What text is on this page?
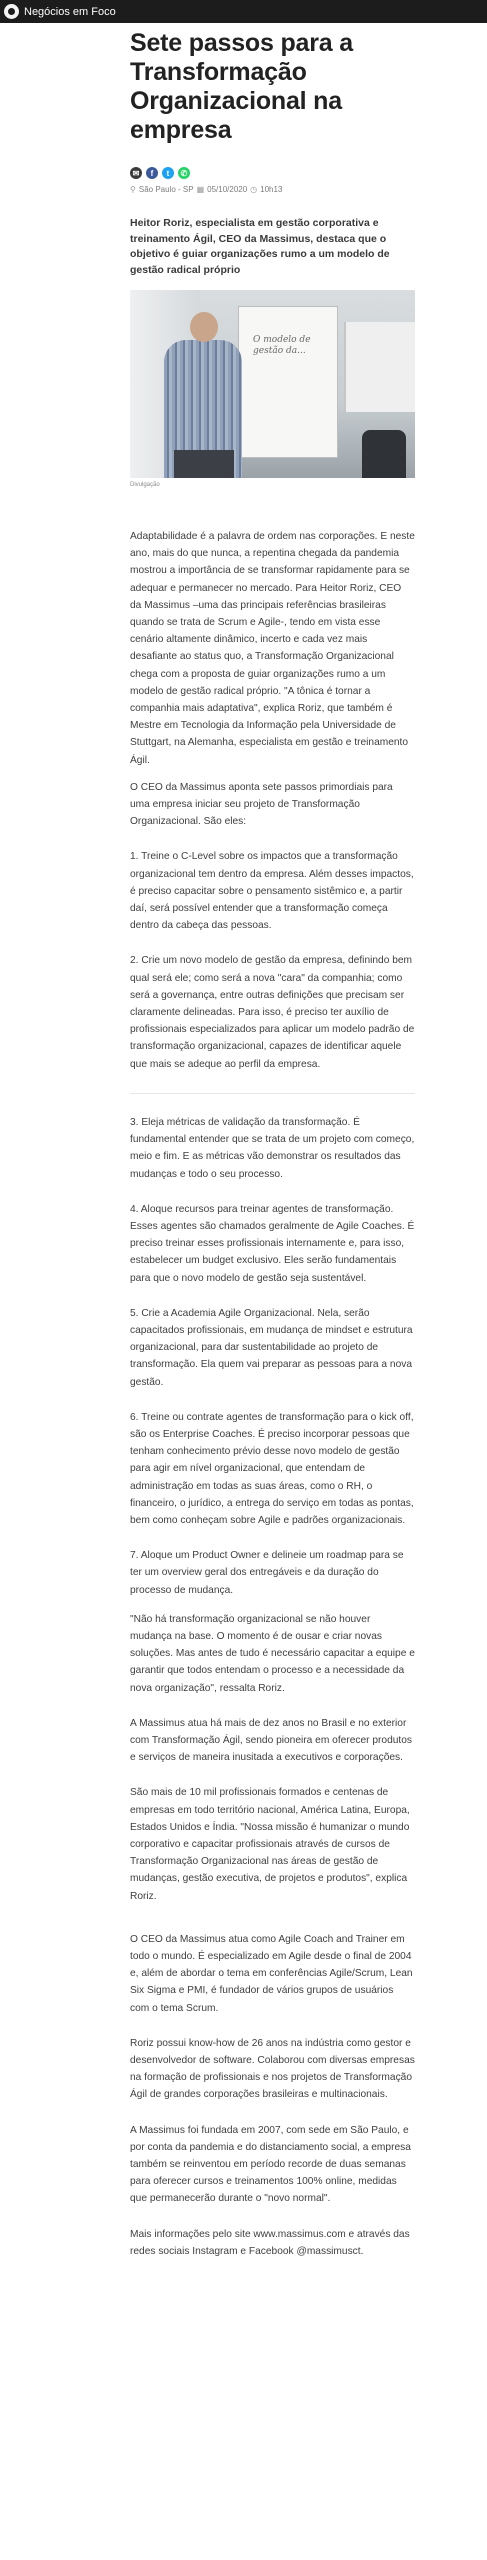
Negócios em Foco
Sete passos para a Transformação Organizacional na empresa
✉	f	t	✆
⚲ São Paulo - SP ▦ 05/10/2020 ◷ 10h13
Heitor Roriz, especialista em gestão corporativa e treinamento Ágil, CEO da Massimus, destaca que o objetivo é guiar organizações rumo a um modelo de gestão radical próprio
O modelo de gestão da...
Divulgação

Adaptabilidade é a palavra de ordem nas corporações. E neste ano, mais do que nunca, a repentina chegada da pandemia mostrou a importância de se transformar rapidamente para se adequar e permanecer no mercado. Para Heitor Roriz, CEO da Massimus –uma das principais referências brasileiras quando se trata de Scrum e Agile-, tendo em vista esse cenário altamente dinâmico, incerto e cada vez mais desafiante ao status quo, a Transformação Organizacional chega com a proposta de guiar organizações rumo a um modelo de gestão radical próprio. "A tônica é tornar a companhia mais adaptativa", explica Roriz, que também é Mestre em Tecnologia da Informação pela Universidade de Stuttgart, na Alemanha, especialista em gestão e treinamento Ágil.

O CEO da Massimus aponta sete passos primordiais para uma empresa iniciar seu projeto de Transformação Organizacional. São eles:

1. Treine o C-Level sobre os impactos que a transformação organizacional tem dentro da empresa. Além desses impactos, é preciso capacitar sobre o pensamento sistêmico e, a partir daí, será possível entender que a transformação começa dentro da cabeça das pessoas.

2. Crie um novo modelo de gestão da empresa, definindo bem qual será ele; como será a nova "cara" da companhia; como será a governança, entre outras definições que precisam ser claramente delineadas. Para isso, é preciso ter auxílio de profissionais especializados para aplicar um modelo padrão de transformação organizacional, capazes de identificar aquele que mais se adeque ao perfil da empresa.

3. Eleja métricas de validação da transformação. É fundamental entender que se trata de um projeto com começo, meio e fim. E as métricas vão demonstrar os resultados das mudanças e todo o seu processo.

4. Aloque recursos para treinar agentes de transformação. Esses agentes são chamados geralmente de Agile Coaches. É preciso treinar esses profissionais internamente e, para isso, estabelecer um budget exclusivo. Eles serão fundamentais para que o novo modelo de gestão seja sustentável.

5. Crie a Academia Agile Organizacional. Nela, serão capacitados profissionais, em mudança de mindset e estrutura organizacional, para dar sustentabilidade ao projeto de transformação. Ela quem vai preparar as pessoas para a nova gestão.

6. Treine ou contrate agentes de transformação para o kick off, são os Enterprise Coaches. É preciso incorporar pessoas que tenham conhecimento prévio desse novo modelo de gestão para agir em nível organizacional, que entendam de administração em todas as suas áreas, como o RH, o financeiro, o jurídico, a entrega do serviço em todas as pontas, bem como conheçam sobre Agile e padrões organizacionais.

7. Aloque um Product Owner e delineie um roadmap para se ter um overview geral dos entregáveis e da duração do processo de mudança.

"Não há transformação organizacional se não houver mudança na base. O momento é de ousar e criar novas soluções. Mas antes de tudo é necessário capacitar a equipe e garantir que todos entendam o processo e a necessidade da nova organização", ressalta Roriz.

A Massimus atua há mais de dez anos no Brasil e no exterior com Transformação Ágil, sendo pioneira em oferecer produtos e serviços de maneira inusitada a executivos e corporações.

São mais de 10 mil profissionais formados e centenas de empresas em todo território nacional, América Latina, Europa, Estados Unidos e Índia. "Nossa missão é humanizar o mundo corporativo e capacitar profissionais através de cursos de Transformação Organizacional nas áreas de gestão de mudanças, gestão executiva, de projetos e produtos", explica Roriz.

O CEO da Massimus atua como Agile Coach and Trainer em todo o mundo. É especializado em Agile desde o final de 2004 e, além de abordar o tema em conferências Agile/Scrum, Lean Six Sigma e PMI, é fundador de vários grupos de usuários com o tema Scrum.

Roriz possui know-how de 26 anos na indústria como gestor e desenvolvedor de software. Colaborou com diversas empresas na formação de profissionais e nos projetos de Transformação Ágil de grandes corporações brasileiras e multinacionais.

A Massimus foi fundada em 2007, com sede em São Paulo, e por conta da pandemia e do distanciamento social, a empresa também se reinventou em período recorde de duas semanas para oferecer cursos e treinamentos 100% online, medidas que permanecerão durante o "novo normal".

Mais informações pelo site www.massimus.com e através das redes sociais Instagram e Facebook @massimusct.
